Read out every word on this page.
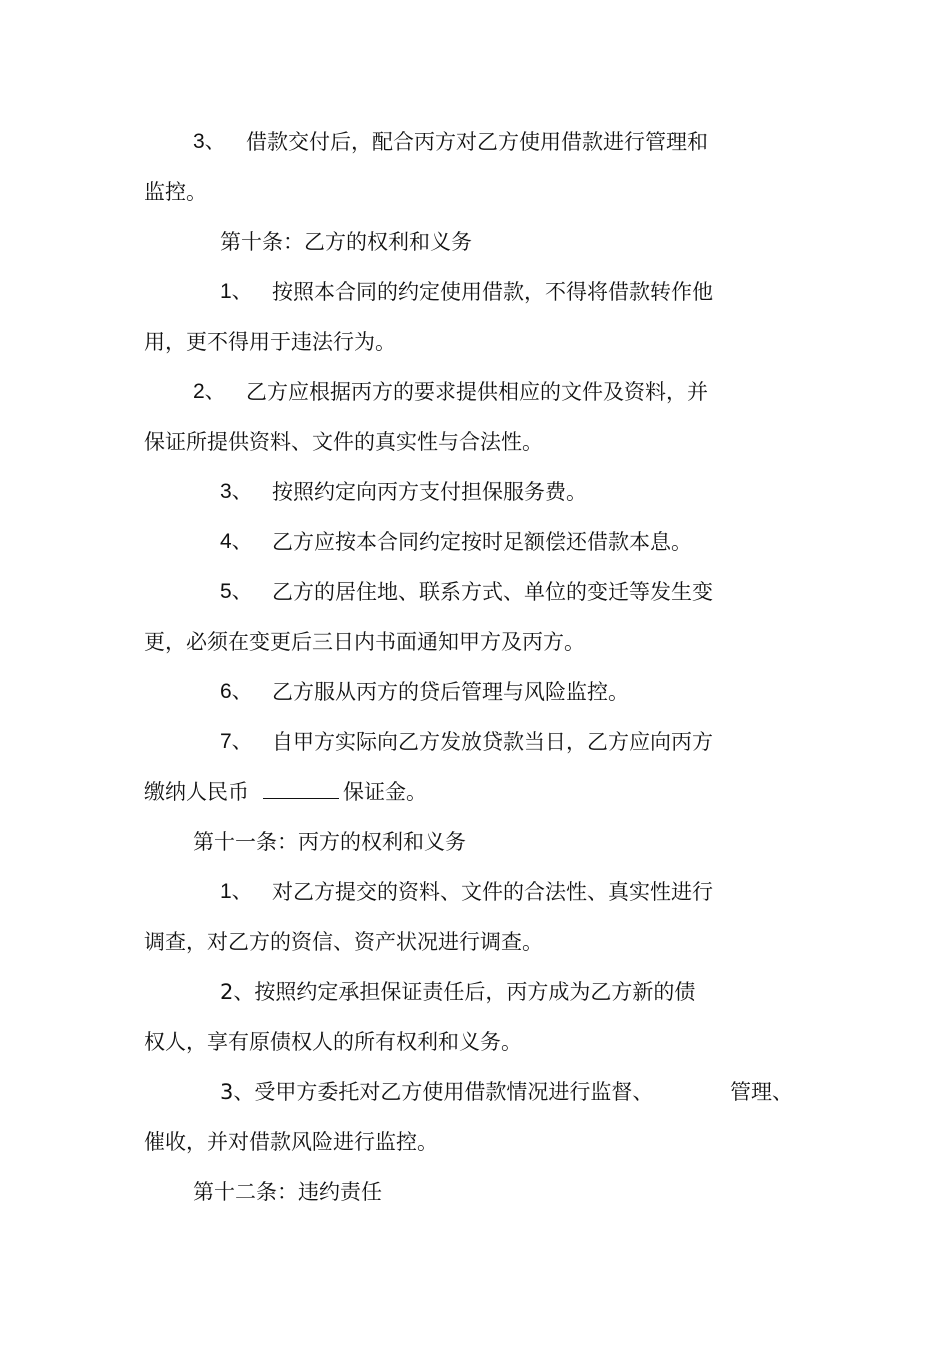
3、 借款交付后，配合丙方对乙方使用借款进行管理和
监控。
第十条：乙方的权利和义务
1、 按照本合同的约定使用借款，不得将借款转作他
用，更不得用于违法行为。
2、 乙方应根据丙方的要求提供相应的文件及资料，并
保证所提供资料、文件的真实性与合法性。
3、 按照约定向丙方支付担保服务费。
4、 乙方应按本合同约定按时足额偿还借款本息。
5、 乙方的居住地、联系方式、单位的变迁等发生变
更，必须在变更后三日内书面通知甲方及丙方。
6、 乙方服从丙方的贷后管理与风险监控。
7、 自甲方实际向乙方发放贷款当日，乙方应向丙方
缴纳人民币	保证金。
第十一条：丙方的权利和义务
1、 对乙方提交的资料、文件的合法性、真实性进行
调查，对乙方的资信、资产状况进行调查。
2、按照约定承担保证责任后，丙方成为乙方新的债
权人，享有原债权人的所有权利和义务。
3、受甲方委托对乙方使用借款情况进行监督、	管理、
催收，并对借款风险进行监控。
第十二条：违约责任
